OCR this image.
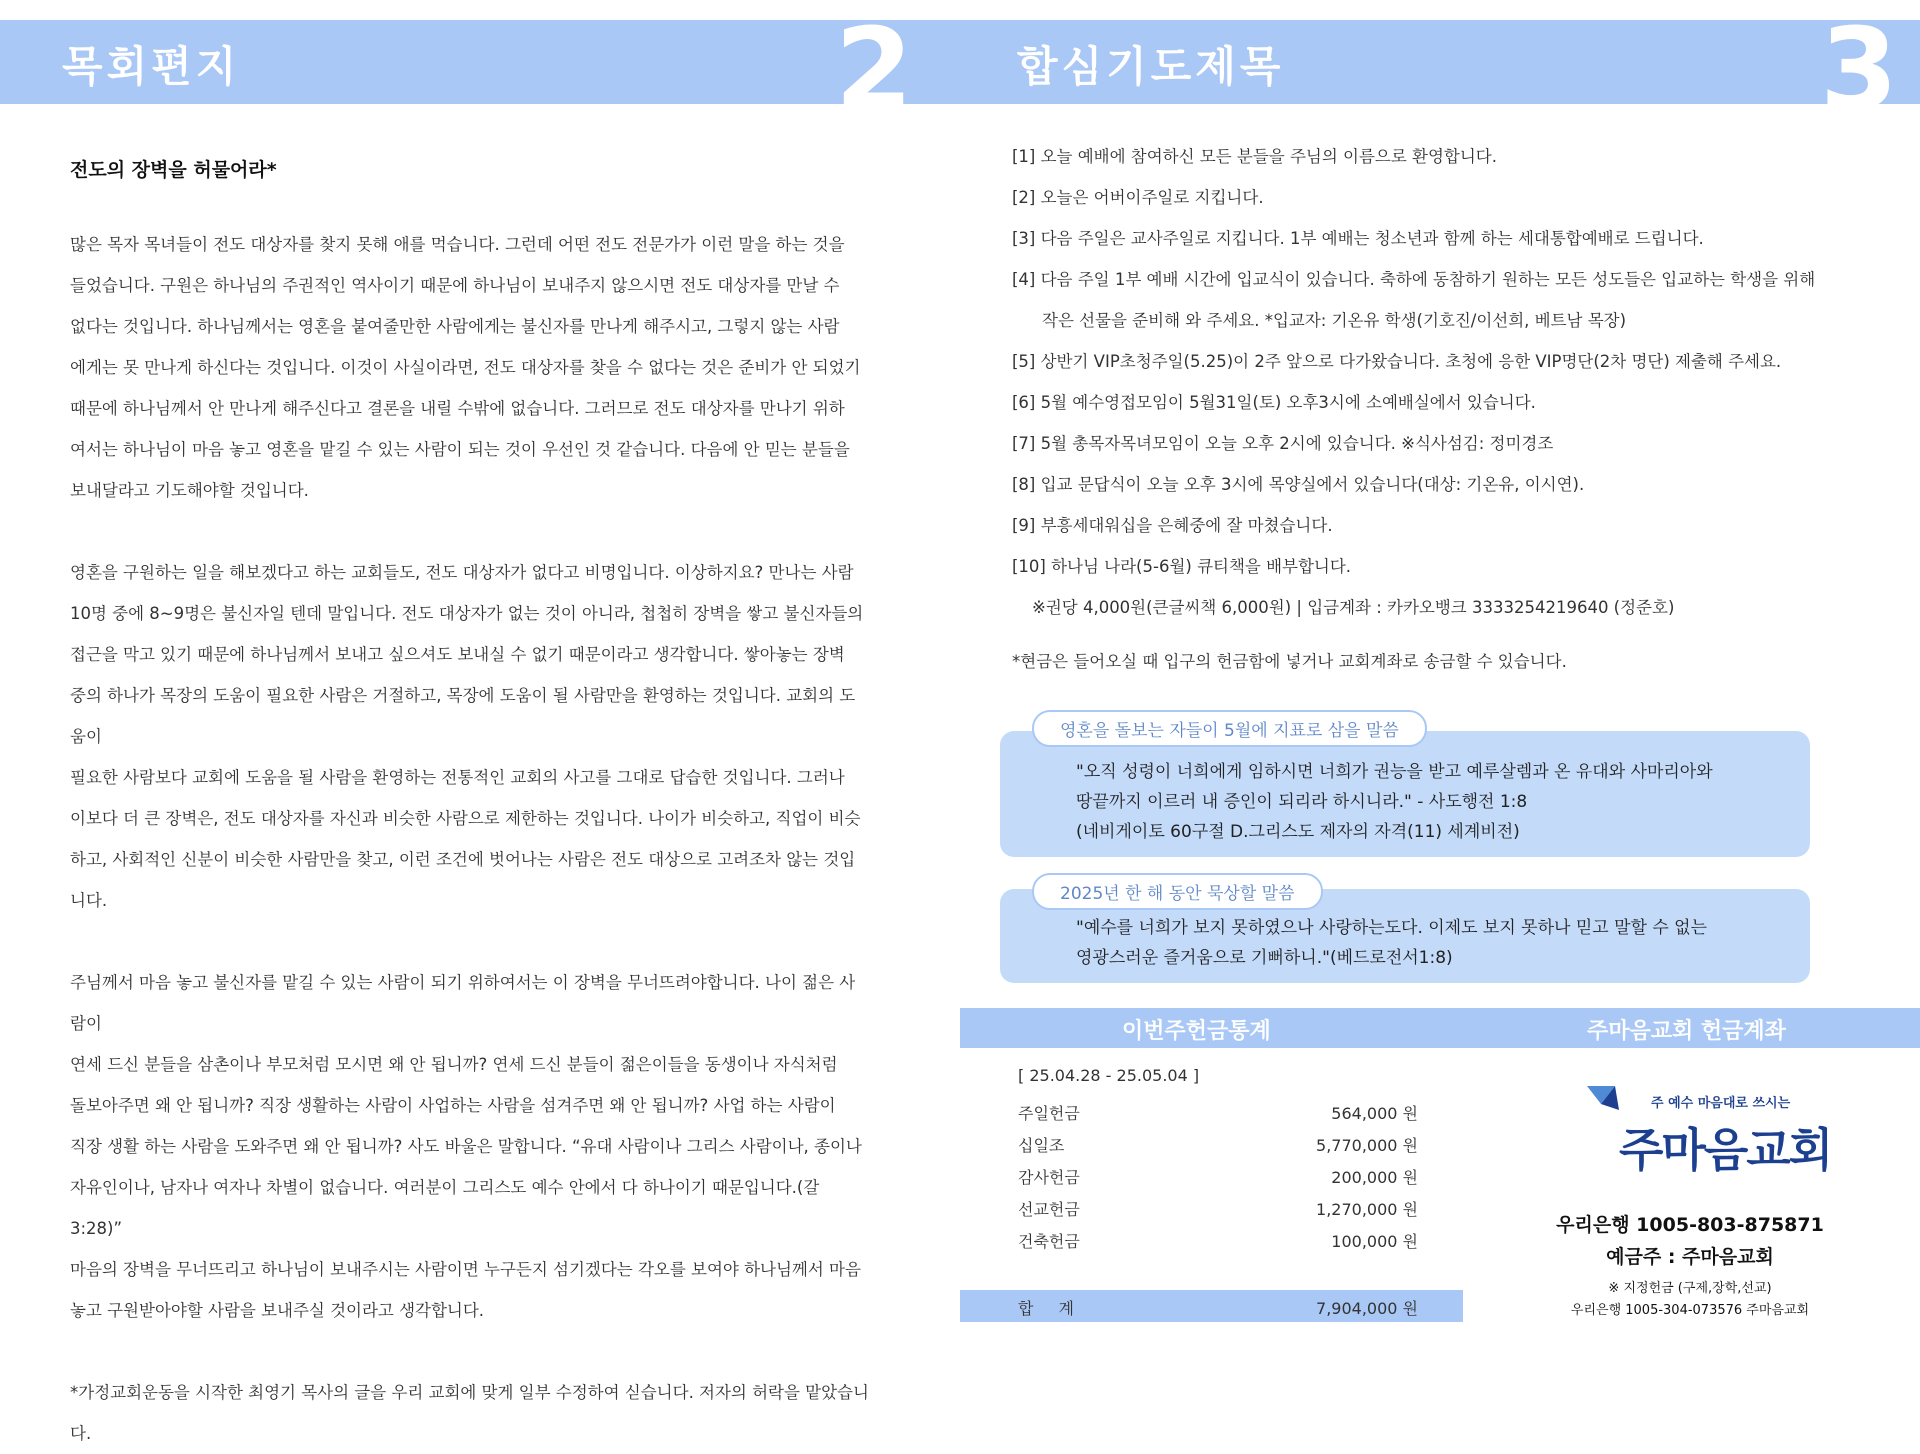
목회편지	2 합심기도제목	3
전도의 장벽을 허물어라*
많은 목자 목녀들이 전도 대상자를 찾지 못해 애를 먹습니다. 그런데 어떤 전도 전문가가 이런 말을 하는 것을
들었습니다. 구원은 하나님의 주권적인 역사이기 때문에 하나님이 보내주지 않으시면 전도 대상자를 만날 수
없다는 것입니다. 하나님께서는 영혼을 붙여줄만한 사람에게는 불신자를 만나게 해주시고, 그렇지 않는 사람
에게는 못 만나게 하신다는 것입니다. 이것이 사실이라면, 전도 대상자를 찾을 수 없다는 것은 준비가 안 되었기
때문에 하나님께서 안 만나게 해주신다고 결론을 내릴 수밖에 없습니다. 그러므로 전도 대상자를 만나기 위하
여서는 하나님이 마음 놓고 영혼을 맡길 수 있는 사람이 되는 것이 우선인 것 같습니다. 다음에 안 믿는 분들을
보내달라고 기도해야할 것입니다.
영혼을 구원하는 일을 해보겠다고 하는 교회들도, 전도 대상자가 없다고 비명입니다. 이상하지요? 만나는 사람
10명 중에 8~9명은 불신자일 텐데 말입니다. 전도 대상자가 없는 것이 아니라, 첩첩히 장벽을 쌓고 불신자들의
접근을 막고 있기 때문에 하나님께서 보내고 싶으셔도 보내실 수 없기 때문이라고 생각합니다. 쌓아놓는 장벽
중의 하나가 목장의 도움이 필요한 사람은 거절하고, 목장에 도움이 될 사람만을 환영하는 것입니다. 교회의 도움이
필요한 사람보다 교회에 도움을 될 사람을 환영하는 전통적인 교회의 사고를 그대로 답습한 것입니다. 그러나
이보다 더 큰 장벽은, 전도 대상자를 자신과 비슷한 사람으로 제한하는 것입니다. 나이가 비슷하고, 직업이 비슷
하고, 사회적인 신분이 비슷한 사람만을 찾고, 이런 조건에 벗어나는 사람은 전도 대상으로 고려조차 않는 것입니다.
주님께서 마음 놓고 불신자를 맡길 수 있는 사람이 되기 위하여서는 이 장벽을 무너뜨려야합니다. 나이 젊은 사람이
연세 드신 분들을 삼촌이나 부모처럼 모시면 왜 안 됩니까? 연세 드신 분들이 젊은이들을 동생이나 자식처럼
돌보아주면 왜 안 됩니까? 직장 생활하는 사람이 사업하는 사람을 섬겨주면 왜 안 됩니까? 사업 하는 사람이
직장 생활 하는 사람을 도와주면 왜 안 됩니까? 사도 바울은 말합니다. “유대 사람이나 그리스 사람이나, 종이나
자유인이나, 남자나 여자나 차별이 없습니다. 여러분이 그리스도 예수 안에서 다 하나이기 때문입니다.(갈 3:28)”
마음의 장벽을 무너뜨리고 하나님이 보내주시는 사람이면 누구든지 섬기겠다는 각오를 보여야 하나님께서 마음
놓고 구원받아야할 사람을 보내주실 것이라고 생각합니다.
*가정교회운동을 시작한 최영기 목사의 글을 우리 교회에 맞게 일부 수정하여 싣습니다. 저자의 허락을 맡았습니다.
[1] 오늘 예배에 참여하신 모든 분들을 주님의 이름으로 환영합니다.
[2] 오늘은 어버이주일로 지킵니다.
[3] 다음 주일은 교사주일로 지킵니다. 1부 예배는 청소년과 함께 하는 세대통합예배로 드립니다.
[4] 다음 주일 1부 예배 시간에 입교식이 있습니다. 축하에 동참하기 원하는 모든 성도들은 입교하는 학생을 위해
작은 선물을 준비해 와 주세요. *입교자: 기온유 학생(기호진/이선희, 베트남 목장)
[5] 상반기 VIP초청주일(5.25)이 2주 앞으로 다가왔습니다. 초청에 응한 VIP명단(2차 명단) 제출해 주세요.
[6] 5월 예수영접모임이 5월31일(토) 오후3시에 소예배실에서 있습니다.
[7] 5월 총목자목녀모임이 오늘 오후 2시에 있습니다. ※식사섬김: 정미경조
[8] 입교 문답식이 오늘 오후 3시에 목양실에서 있습니다(대상: 기온유, 이시연).
[9] 부흥세대워십을 은혜중에 잘 마쳤습니다.
[10] 하나님 나라(5-6월) 큐티책을 배부합니다.
※권당 4,000원(큰글씨책 6,000원) | 입금계좌 : 카카오뱅크 3333254219640 (정준호)
*현금은 들어오실 때 입구의 헌금함에 넣거나 교회계좌로 송금할 수 있습니다.
"오직 성령이 너희에게 임하시면 너희가 권능을 받고 예루살렘과 온 유대와 사마리아와
땅끝까지 이르러 내 증인이 되리라 하시니라." - 사도행전 1:8
(네비게이토 60구절 D.그리스도 제자의 자격(11) 세계비전)
영혼을 돌보는 자들이 5월에 지표로 삼을 말씀
"예수를 너희가 보지 못하였으나 사랑하는도다. 이제도 보지 못하나 믿고 말할 수 없는
영광스러운 즐거움으로 기뻐하니."(베드로전서1:8)
2025년 한 해 동안 묵상할 말씀
이번주헌금통계	주마음교회 헌금계좌
[ 25.04.28 - 25.05.04 ]
주일헌금	564,000 원
십일조	5,770,000 원
감사헌금	200,000 원
선교헌금	1,270,000 원
건축헌금	100,000 원
합 계	7,904,000 원
주 예수 마음대로 쓰시는
주마음교회
우리은행 1005-803-875871
예금주 : 주마음교회
※ 지정헌금 (구제,장학,선교)
우리은행 1005-304-073576 주마음교회
